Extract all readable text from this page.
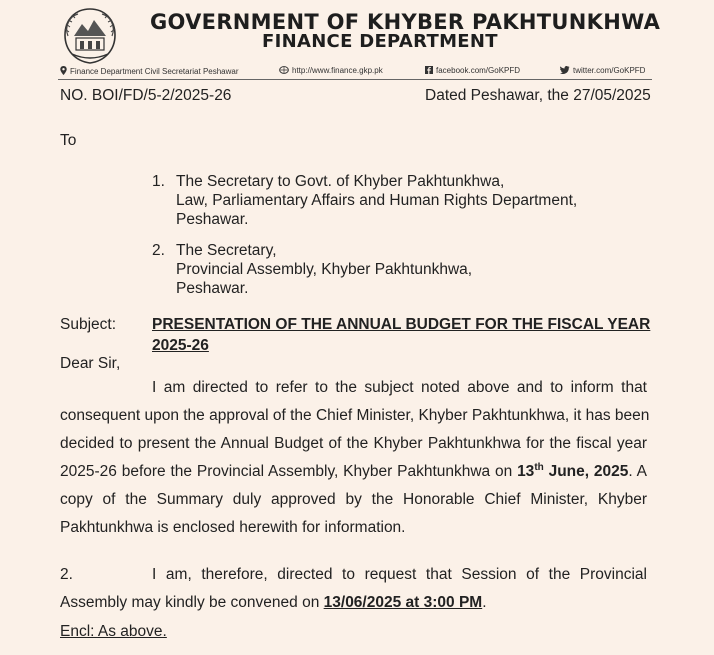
GOVERNMENT OF KHYBER PAKHTUNKHWA
FINANCE DEPARTMENT
Finance Department Civil Secretariat Peshawar	http://www.finance.gkp.pk	facebook.com/GoKPFD	twitter.com/GoKPFD
NO. BOI/FD/5-2/2025-26	Dated Peshawar, the 27/05/2025
To
1. The Secretary to Govt. of Khyber Pakhtunkhwa,
Law, Parliamentary Affairs and Human Rights Department,
Peshawar.
2. The Secretary,
Provincial Assembly, Khyber Pakhtunkhwa,
Peshawar.
Subject: PRESENTATION OF THE ANNUAL BUDGET FOR THE FISCAL YEAR
2025-26
Dear Sir,
I am directed to refer to the subject noted above and to inform that
consequent upon the approval of the Chief Minister, Khyber Pakhtunkhwa, it has been
decided to present the Annual Budget of the Khyber Pakhtunkhwa for the fiscal year
2025-26 before the Provincial Assembly, Khyber Pakhtunkhwa on 13th June, 2025. A
copy of the Summary duly approved by the Honorable Chief Minister, Khyber
Pakhtunkhwa is enclosed herewith for information.
2.	I am, therefore, directed to request that Session of the Provincial
Assembly may kindly be convened on 13/06/2025 at 3:00 PM.
Encl: As above.
